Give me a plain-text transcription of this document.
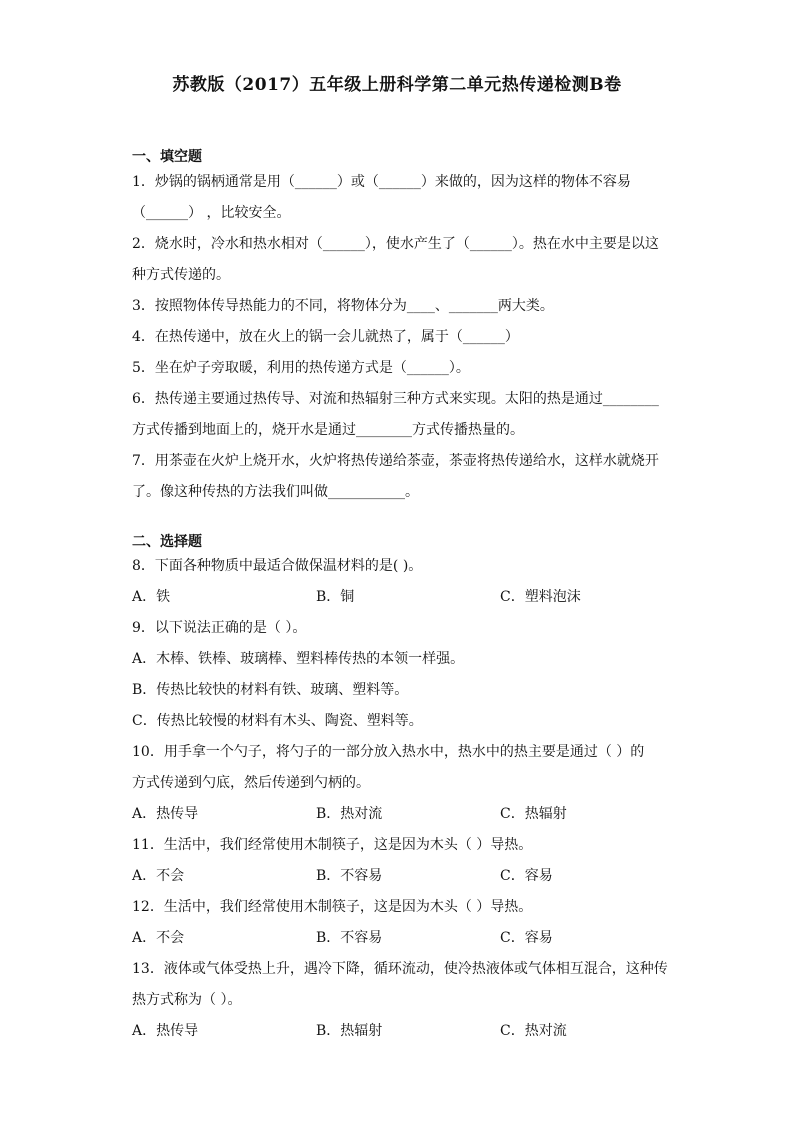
苏教版（2017）五年级上册科学第二单元热传递检测B卷
一、填空题
1．炒锅的锅柄通常是用（______）或（______）来做的，因为这样的物体不容易
（______） ，比较安全。
2．烧水时，冷水和热水相对（______），使水产生了（______）。热在水中主要是以这
种方式传递的。
3．按照物体传导热能力的不同，将物体分为____、_______两大类。
4．在热传递中，放在火上的锅一会儿就热了，属于（______）
5．坐在炉子旁取暖，利用的热传递方式是（______）。
6．热传递主要通过热传导、对流和热辐射三种方式来实现。太阳的热是通过________
方式传播到地面上的，烧开水是通过________方式传播热量的。
7．用茶壶在火炉上烧开水，火炉将热传递给茶壶，茶壶将热传递给水，这样水就烧开
了。像这种传热的方法我们叫做___________。
二、选择题
8．下面各种物质中最适合做保温材料的是( )。
A．铁	B．铜	C．塑料泡沫
9．以下说法正确的是（ ）。
A．木棒、铁棒、玻璃棒、塑料棒传热的本领一样强。
B．传热比较快的材料有铁、玻璃、塑料等。
C．传热比较慢的材料有木头、陶瓷、塑料等。
10．用手拿一个勺子，将勺子的一部分放入热水中，热水中的热主要是通过（ ）的
方式传递到勺底，然后传递到勺柄的。
A．热传导	B．热对流	C．热辐射
11．生活中，我们经常使用木制筷子，这是因为木头（ ）导热。
A．不会	B．不容易	C．容易
12．生活中，我们经常使用木制筷子，这是因为木头（ ）导热。
A．不会	B．不容易	C．容易
13．液体或气体受热上升，遇冷下降，循环流动，使冷热液体或气体相互混合，这种传
热方式称为（ ）。
A．热传导	B．热辐射	C．热对流
